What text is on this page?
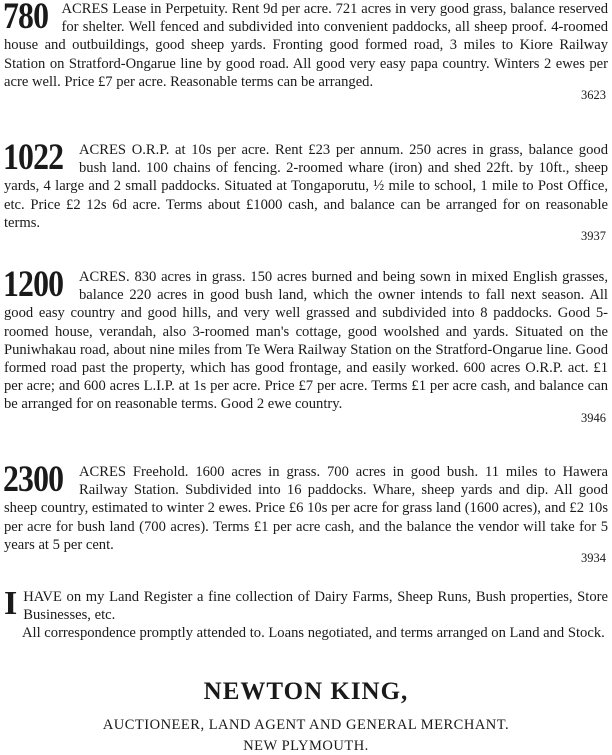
780 ACRES Lease in Perpetuity. Rent 9d per acre. 721 acres in very good grass, balance reserved for shelter. Well fenced and subdivided into convenient paddocks, all sheep proof. 4-roomed house and outbuildings, good sheep yards. Fronting good formed road, 3 miles to Kiore Railway Station on Stratford-Ongarue line by good road. All good very easy papa country. Winters 2 ewes per acre well. Price £7 per acre. Reasonable terms can be arranged.
3623
1022	ACRES O.R.P. at 10s per acre. Rent £23 per annum. 250 acres in grass, balance good bush land. 100 chains of fencing. 2-roomed whare (iron) and shed 22ft. by 10ft., sheep yards, 4 large and 2 small paddocks. Situated at Tongaporutu, ½ mile to school, 1 mile to Post Office, etc. Price £2 12s 6d acre. Terms about £1000 cash, and balance can be arranged for on reasonable terms.
3937
1200	ACRES. 830 acres in grass. 150 acres burned and being sown in mixed English grasses, balance 220 acres in good bush land, which the owner intends to fall next season. All good easy country and good hills, and very well grassed and subdivided into 8 paddocks. Good 5-roomed house, verandah, also 3-roomed man's cottage, good woolshed and yards. Situated on the Puniwhakau road, about nine miles from Te Wera Railway Station on the Stratford-Ongarue line. Good formed road past the property, which has good frontage, and easily worked. 600 acres O.R.P. act. £1 per acre; and 600 acres L.I.P. at 1s per acre. Price £7 per acre. Terms £1 per acre cash, and balance can be arranged for on reasonable terms. Good 2 ewe country.
3946
2300	ACRES Freehold. 1600 acres in grass. 700 acres in good bush. 11 miles to Hawera Railway Station. Subdivided into 16 paddocks. Whare, sheep yards and dip. All good sheep country, estimated to winter 2 ewes. Price £6 10s per acre for grass land (1600 acres), and £2 10s per acre for bush land (700 acres). Terms £1 per acre cash, and the balance the vendor will take for 5 years at 5 per cent.
3934
I HAVE on my Land Register a fine collection of Dairy Farms, Sheep Runs, Bush properties, Store Businesses, etc.
All correspondence promptly attended to. Loans negotiated, and terms arranged on Land and Stock.
NEWTON KING,
AUCTIONEER, LAND AGENT AND GENERAL MERCHANT.
NEW PLYMOUTH.
